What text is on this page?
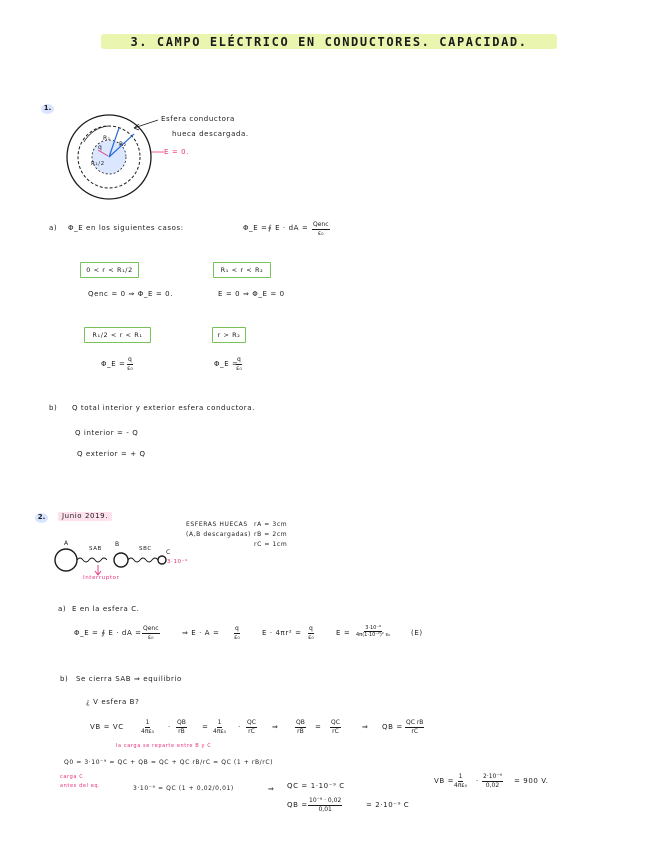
3. CAMPO ELÉCTRICO EN CONDUCTORES. CAPACIDAD.
1.
R₁
R₂
q
R₁/2
Esfera conductora
hueca descargada.
E = 0.
a) Φ_E en los siguientes casos:	Φ_E = ∮ E · dA = Qenc
ε₀
0 < r < R₁/2
Qenc = 0 ⇒ Φ_E = 0.
R₁ < r < R₂
E = 0 ⇒ Φ_E = 0
R₁/2 < r < R₁
Φ_E = $\frac{q}{\text{ε₀}}$
r > R₂
Φ_E =
$\frac{q}{\text{ε₀}}$
b) Q total interior y exterior esfera conductora.
Q interior = - Q
Q exterior = + Q
2.	Junio 2019.
ESFERAS HUECAS
(A,B descargadas)
rA = 3cm
rB = 2cm
rC = 1cm
A	B
C
SAB	SBC
3·10⁻⁹
Interruptor
a) E en la esfera C.
Φ_E = ∮ E · dA =
Qenc
ε₀	⇒ $E \cdot A = \frac{q}{\text{ε₀}}$	$E \cdot 4\pi r^2 = \frac{q}{\text{ε₀}}$	$E = \frac{\text{3·10⁻⁹}}{\text{4π(1·10⁻²)² ε₀}}$	(E)
b) Se cierra SAB ⇒ equilibrio
¿ V esfera B?
VB = VC	$\frac{1}{\text{4πε₀}} \cdot \frac{QB}{rB} = \frac{1}{\text{4πε₀}} \cdot \frac{QC}{rC}$ ⇒	$\frac{QB}{rB} = \frac{QC}{rC}$	⇒ QB = $\frac{\text{QC rB}}{rC}$
la carga se reparte entre B y C
Q0 = 3·10⁻⁹ = QC + QB = QC + QC rB/rC = QC (1 + rB/rC)
carga C
antes del eq.	3·10⁻⁹ = QC (1 + 0,02/0,01)	⇒ QC = 1·10⁻⁹ C
QB = $\frac{\text{10⁻⁹ · 0,02}}{0,01}$	= 2·10⁻⁹ C
VB = $\frac{1}{\text{4πε₀}} \cdot \frac{\text{2·10⁻⁹}}{0,02} = 900$ V.
